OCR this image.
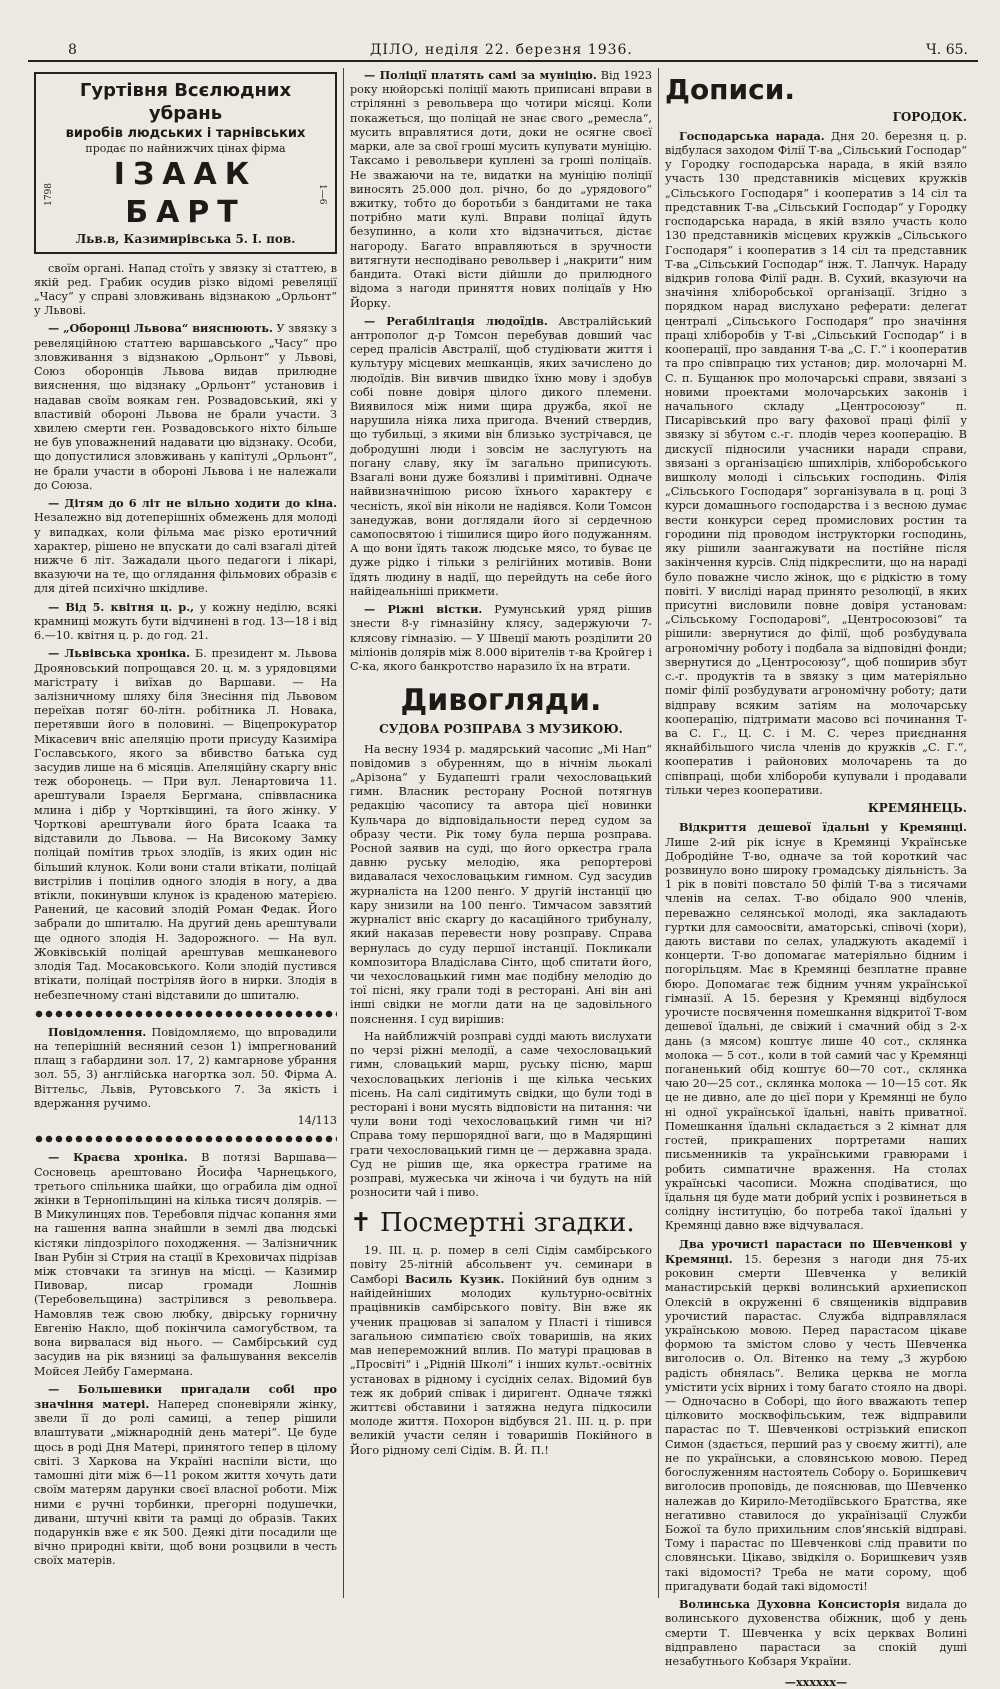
8	ДІЛО, неділя 22. березня 1936.	Ч. 65.
Гуртівня Всєлюдних убрань
виробів людських і тарнівських
продає по найнижчих цінах фірма
1798
ІЗААК БАРТ
1—6
Льв.в, Казимирівська 5. І. пов.

своїм органі. Напад стоїть у звязку зі статтею, в якій ред. Грабик осудив різко відомі ревеляції „Часу“ у справі зловживань відзнакою „Орльонт“ у Львові.

— „Оборонці Львова“ вияснюють. У звязку з ревеляційною статтею варшавського „Часу“ про зловживання з відзнакою „Орльонт“ у Львові, Союз оборонців Львова видав прилюдне вияснення, що відзнаку „Орльонт“ установив і надавав своїм воякам ген. Розвадовський, які у властивій обороні Львова не брали участи. З хвилею смерти ген. Розвадовського ніхто більше не був уповажнений надавати цю відзнаку. Особи, що допустилися зловживань у капітулі „Орльонт“, не брали участи в обороні Львова і не належали до Союза.

— Дітям до 6 літ не вільно ходити до кіна. Незалежно від дотеперішніх обмежень для молоді у випадках, коли фільма має різко еротичний характер, рішено не впускати до салі взагалі дітей нижче 6 літ. Зажадали цього педагоги і лікарі, вказуючи на те, що оглядання фільмових образів є для дітей психічно шкідливе.

— Від 5. квітня ц. р., у кожну неділю, всякі крамниці можуть бути відчинені в год. 13—18 і від 6.—10. квітня ц. р. до год. 21.

— Львівська хроніка. Б. президент м. Львова Дрояновський попрощався 20. ц. м. з урядовцями магістрату і виїхав до Варшави. — На залізничному шляху біля Знесіння під Львовом переїхав потяг 60-літн. робітника Л. Новака, перетявши його в половині. — Віцепрокуратор Мікасевич вніс апеляцію проти присуду Казиміра Гославського, якого за вбивство батька суд засудив лише на 6 місяців. Апеляційну скаргу вніс теж оборонець. — При вул. Ленартовича 11. арештували Ізраеля Бергмана, співвласника млина і дібр у Чортківщині, та його жінку. У Чорткові арештували його брата Ісаака та відставили до Львова. — На Високому Замку поліцай помітив трьох злодіїв, із яких один ніс більший клунок. Коли вони стали втікати, поліцай вистрілив і поцілив одного злодія в ногу, а два втікли, покинувши клунок із краденою матерією. Ранений, це касовий злодій Роман Федак. Його забрали до шпиталю. На другий день арештували ще одного злодія Н. Задорожного. — На вул. Жовківській поліцай арештував мешканевого злодія Тад. Мосаковського. Коли злодій пустився втікати, поліцай постріляв його в нирки. Злодія в небезпечному стані відставили до шпиталю.

Повідомлення. Повідомляємо, що впровадили на теперішній весняний сезон 1) імпрегнований плащ з габардини зол. 17, 2) камгарнове убрання зол. 55, 3) англійська нагортка зол. 50. Фірма А. Віттельс, Львів, Рутовського 7. За якість і вдержання ручимо.

14/113

— Краєва хроніка. В потязі Варшава—Сосновець арештовано Йосифа Чарнецького, третього спільника шайки, що ограбила дім одної жінки в Тернопільщині на кілька тисяч долярів. — В Микулинцях пов. Теребовля підчас копання ями на гашення вапна знайшли в землі два людські кістяки ліпдозрілого походження. — Залізничник Іван Рубін зі Стрия на стації в Креховичах підрізав між стовчаки та згинув на місці. — Казимир Пивовар, писар громади Лошнів (Теребовельщина) застрілився з револьвера. Намовляв теж свою любку, двірську горничну Евгенію Накло, щоб покінчила самогубством, та вона вирвалася від нього. — Самбірський суд засудив на рік вязниці за фальшування векселів Мойсея Лейбу Гамермана.

— Большевики пригадали собі про значіння матері. Наперед споневіряли жінку, звели її до ролі самиці, а тепер рішили влаштувати „міжнародній день матері“. Це буде щось в роді Дня Матері, принятого тепер в цілому світі. З Харкова на Україні наспіли вісти, що тамошні діти між 6—11 роком життя хочуть дати своїм матерям дарунки своєї власної роботи. Між ними є ручні торбинки, прегорні подушечки, дивани, штучні квіти та рамці до образів. Таких подарунків вже є як 500. Деякі діти посадили ще вічно природні квіти, щоб вони розцвили в честь своїх матерів.

— Поліції платять самі за муніцію. Від 1923 року нюйорські поліції мають приписані вправи в стрілянні з револьвера що чотири місяці. Коли покажеться, що поліцай не знає свого „ремесла“, мусить вправлятися доти, доки не осягне своєї марки, але за свої гроші мусить купувати муніцію. Таксамо і револьвери куплені за гроші поліцаїв. Не зважаючи на те, видатки на муніцію поліції виносять 25.000 дол. річно, бо до „урядового“ вжитку, тобто до боротьби з бандитами не така потрібно мати кулі. Вправи поліцаї йдуть безупинно, а коли хто відзначиться, дістає нагороду. Багато вправляються в зручности витягнути несподівано револьвер і „накрити“ ним бандита. Отакі вісти дійшли до прилюдного відома з нагоди приняття нових поліцаїв у Ню Йорку.

— Регабілітація людоїдів. Австралійський антрополог д-р Томсон перебував довший час серед праліcів Австралії, щоб студіювати життя і культуру місцевих мешканців, яких зачисленo до людоїдів. Він вивчив швидко їхню мову і здобув собі повне довіря цілого дикого племени. Виявилося між ними щира дружба, якої не нарушила ніяка лиха пригода. Вчений ствердив, що тубильці, з якими він близько зустрічався, це добродушні люди і зовсім не заслугують на погану славу, яку їм загально приписують. Взагалі вони дуже боязливі і примітивні. Одначе найвизначнішою рисою їхнього характеру є чесність, якої він ніколи не надіявся. Коли Томсон занедужав, вони доглядали його зі сердечною самопосвятою і тішилися щиро його подужанням. А що вони їдять також людське мясо, то буває це дуже рідко і тільки з релігійних мотивів. Вони їдять людину в надії, що перейдуть на себе його найідеальніші прикмети.

— Ріжні вістки. Румунський уряд рішив знести 8-у гімназійну клясу, задержуючи 7-клясову гімназію. — У Швеції мають розділити 20 міліонів долярів між 8.000 вірителів т-ва Кройгер і С-ка, якого банкротство наразило їх на втрати.

Дивогляди.
СУДОВА РОЗПРАВА З МУЗИКОЮ.

На весну 1934 р. мадярський часопис „Мі Нап“ повідомив з обуренням, що в нічнім льокалі „Арізона“ у Будапешті грали чехословацький гимн. Власник ресторану Росной потягнув редакцію часопису та автора цієї новинки Кульчара до відповідальности перед судом за образу чести. Рік тому була перша розправа. Росной заявив на суді, що його оркестра грала давню руську мелодію, яка репортерові видавалася чехословацьким гимном. Суд засудив журналіста на 1200 пенґо. У другій інстанції цю кару знизили на 100 пенґо. Тимчасом завзятий журналіст вніс скаргу до касаційного трибуналу, який наказав перевести нову розправу. Справа вернулась до суду першої інстанції. Покликали композитора Владіслава Сінто, щоб спитати його, чи чехословацький гимн має подібну мелодію до тої пісні, яку грали тоді в ресторані. Ані він ані інші свідки не могли дати на це задовільного пояснення. І суд вирішив:

На найближчій розправі судді мають вислухати по черзі ріжні мелодії, а саме чехословацький гимн, словацький марш, руську пісню, марш чехословацьких легіонів і ще кілька чеських пісень. На салі сидітимуть свідки, що були тоді в ресторані і вони мусять відповісти на питання: чи чули вони тоді чехословацький гимн чи ні? Справа тому першорядної ваги, що в Мадярщині грати чехословацький гимн це — державна зрада. Суд не рішив ще, яка оркестра гратиме на розправі, мужеська чи жіноча і чи будуть на ній розносити чай і пиво.

✝ Посмертні згадки.

19. ІІІ. ц. р. помер в селі Сідім самбірського повіту 25-літній абсольвент уч. семинари в Самборі Василь Кузик. Покійний був одним з найідейніших молодих культурно-освітніх працівників самбірського повіту. Він вже як ученик працював зі запалом у Пласті і тішився загальною симпатією своїх товаришів, на яких мав непереможний вплив. По матурі працював в „Просвіті“ і „Рідній Школі“ і інших культ.-освітніх установах в рідному і сусідніх селах. Відомий був теж як добрий співак і диригент. Одначе тяжкі життєві обставини і затяжна недуга підкосили молоде життя. Похорон відбувся 21. ІІІ. ц. р. при великій участи селян і товаришів Покійного в Його рідному селі Сідім. В. Й. П.!

Дописи.
ГОРОДОК.

Господарська нарада. Дня 20. березня ц. р. відбулася заходом Філії Т-ва „Сільський Господар“ у Городку господарська нарада, в якій взяло участь 130 представників місцевих кружків „Сільського Господаря“ і кооператив з 14 сіл та представник Т-ва „Сільський Господар“ у Городку господарська нарада, в якій взяло участь коло 130 представників місцевих кружків „Сільського Господаря“ і кооператив з 14 сіл та представник Т-ва „Сільський Господар“ інж. Т. Лапчук. Нараду відкрив голова Філії радн. В. Сухий, вказуючи на значіння хліборобської організації. Згідно з порядком нарад вислухано реферати: делегат централі „Сільського Господаря“ про значіння праці хліборобів у Т-ві „Сільський Господар“ і в кооперації, про завдання Т-ва „С. Г.“ і кооператив та про співпрацю тих установ; дир. молочарні М. С. п. Бущанюк про молочарські справи, звязані з новими проектами молочарських законів і начального складу „Центросоюзу“ п. Писарівський про вагу фахової праці філії у звязку зі збутом с.-г. плодів через кооперацію. В дискусії підносили учасники наради справи, звязані з організацією шпихлірів, хліборобського вишколу молоді і сільських господинь. Філія „Сільського Господаря“ зорганізувала в ц. році 3 курси домашнього господарства і з весною думає вести конкурси серед промислових ростин та городини під проводом інструкторки господинь, яку рішили заангажувати на постійне після закінчення курсів. Слід підкреслити, що на нараді було поважне число жінок, що є рідкістю в тому повіті. У висліді нарад принято резолюції, в яких присутні висловили повне довіря установам: „Сільському Господарові“, „Центросоюзові“ та рішили: звернутися до філії, щоб розбудувала агрономічну роботу і подбала за відповідні фонди; звернутися до „Центросоюзу“, щоб поширив збут с.-г. продуктів та в звязку з цим матеріяльно поміг філії розбудувати агрономічну роботу; дати відправу всяким затіям на молочарську кооперацію, підтримати масово всі починання Т-ва С. Г., Ц. С. і М. С. через приєднання якнайбільшого числа членів до кружків „С. Г.“, кооператив і районових молочарень та до співпраці, щоби хлібороби купували і продавали тільки через кооперативи.

КРЕМЯНЕЦЬ.

Відкриття дешевої їдальні у Кремянці. Лише 2-ий рік існує в Кремянці Українське Добродійне Т-во, одначе за той короткий час розвинуло воно широку громадську діяльність. За 1 рік в повіті повстало 50 філій Т-ва з тисячами членів на селах. Т-во обідало 900 членів, переважно селянської молоді, яка закладають гуртки для самоосвіти, аматорські, співочі (хори), дають вистави по селах, уладжують академії і концерти. Т-во допомагає матеріяльно бідним і погорільцям. Має в Кремянці безплатне правне бюро. Допомагає теж бідним учням української гімназії. А 15. березня у Кремянці відбулося урочисте посвячення помешкання відкритої Т-вом дешевої їдальні, де свіжий і смачний обід з 2-х дань (з мясом) коштує лише 40 сот., склянка молока — 5 сот., коли в той самий час у Кремянці поганенький обід коштує 60—70 сот., склянка чаю 20—25 сот., склянка молока — 10—15 сот. Як це не дивно, але до цієї пори у Кремянці не було ні одної української їдальні, навіть приватної. Помешкання їдальні складається з 2 кімнат для гостей, прикрашених портретами наших письменників та українськими гравюрами і робить симпатичне враження. На столах українські часописи. Можна сподіватися, що їдальня ця буде мати добрий успіх і розвинеться в солідну інституцію, бо потреба такої їдальні у Кремянці давно вже відчувалася.

Два урочисті парастаси по Шевченкові у Кремянці. 15. березня з нагоди дня 75-их роковин смерти Шевченка у великій манастирській церкві волинський архиепископ Олексій в окруженні 6 священиків відправив урочистий парастас. Служба відправлялася українською мовою. Перед парастасом цікаве формою та змістом слово у честь Шевченка виголосив о. Ол. Вітенко на тему „З журбою радість обнялась“. Велика церква не могла умістити усіх вірних і тому багато стояло на дворі. — Одночасно в Соборі, що його вважають тепер цілковито москвофільським, теж відправили парастас по Т. Шевченкові острізький епископ Симон (здається, перший раз у своєму житті), але не по українськи, а словянською мовою. Перед богослуженням настоятель Собору о. Боришкевич виголосив проповідь, де пояснював, що Шевченко належав до Кирило-Методіївського Братства, яке негативно ставилося до українізації Служби Божої та було прихильним слов’янській відправі. Тому і парастас по Шевченкові слід правити по словянськи. Цікаво, звідкіля о. Боришкевич узяв такі відомості? Треба не мати сорому, щоб пригадувати бодай такі відомості!

Волинська Духовна Консисторія видала до волинського духовенства обіжник, щоб у день смерти Т. Шевченка у всіх церквах Волині відправлено парастаси за спокій душі незабутнього Кобзаря України.

—хххххх—
